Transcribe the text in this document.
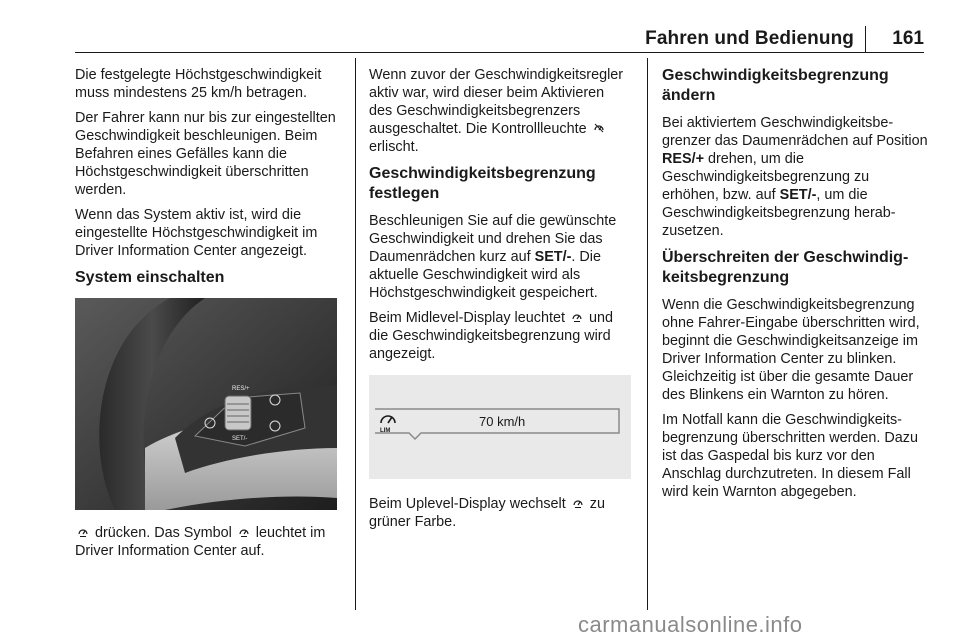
Fahren und Bedienung 161

Die festgelegte Höchstgeschwindigkeit muss mindestens 25 km/h betragen.

Der Fahrer kann nur bis zur eingestellten Geschwindigkeit beschleunigen. Beim Befahren eines Gefälles kann die Höchstgeschwindigkeit überschritten werden.

Wenn das System aktiv ist, wird die eingestellte Höchstgeschwindigkeit im Driver Information Center angezeigt.

System einschalten
RES/+
SET/-

drücken. Das Symbol leuchtet im Driver Information Center auf.

Wenn zuvor der Geschwindigkeitsregler aktiv war, wird dieser beim Aktivieren des Geschwindigkeitsbegrenzers ausgeschaltet. Die Kontrollleuchte  erlischt.

Geschwindigkeitsbegrenzung festlegen

Beschleunigen Sie auf die gewünschte Geschwindigkeit und drehen Sie das Daumenrädchen kurz auf SET/-. Die aktuelle Geschwindigkeit wird als Höchstgeschwindigkeit gespeichert.

Beim Midlevel-Display leuchtet und die Geschwindigkeitsbegrenzung wird angezeigt.

LIM
70 km/h

Beim Uplevel-Display wechselt zu grüner Farbe.

Geschwindigkeitsbegrenzung ändern

Bei aktiviertem Geschwindigkeitsbegrenzer das Daumenrädchen auf Position RES/+ drehen, um die Geschwindigkeitsbegrenzung zu erhöhen, bzw. auf SET/-, um die Geschwindigkeitsbegrenzung herabzusetzen.

Überschreiten der Geschwindigkeitsbegrenzung

Wenn die Geschwindigkeitsbegrenzung ohne Fahrer-Eingabe überschritten wird, beginnt die Geschwindigkeitsanzeige im Driver Information Center zu blinken. Gleichzeitig ist über die gesamte Dauer des Blinkens ein Warnton zu hören.

Im Notfall kann die Geschwindigkeitsbegrenzung überschritten werden. Dazu ist das Gaspedal bis kurz vor den Anschlag durchzutreten. In diesem Fall wird kein Warnton abgegeben.

carmanualsonline.info
